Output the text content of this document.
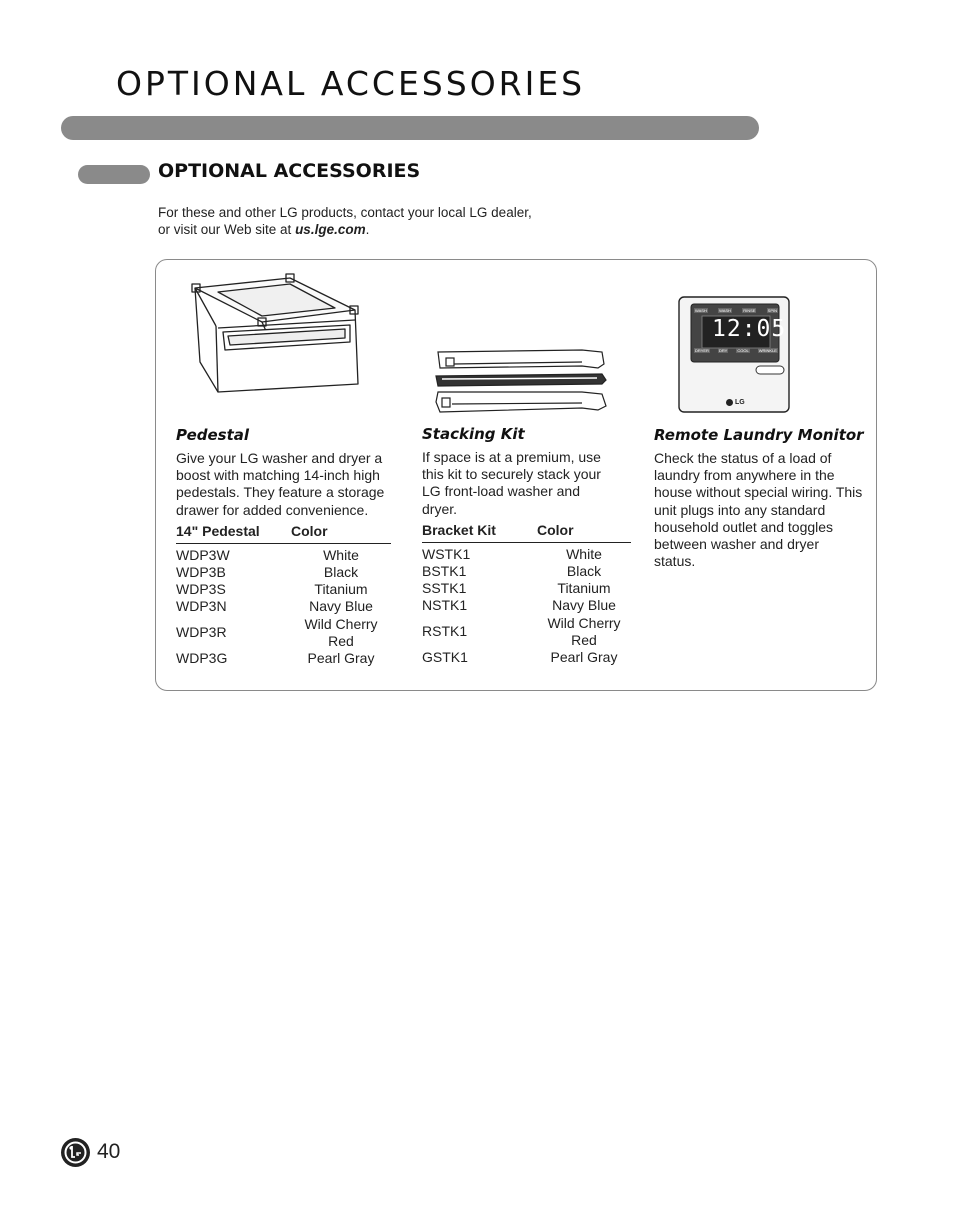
OPTIONAL ACCESSORIES
OPTIONAL ACCESSORIES

For these and other LG products, contact your local LG dealer,
or visit our Web site at us.lge.com.

WASH	WASH	RINSE	SPIN
12:05
DRYER	DRY	COOL	WRINKLE
LG
Pedestal

Give your LG washer and dryer a boost with matching 14-inch high pedestals. They feature a storage drawer for added convenience.

14" Pedestal	Color
WDP3W	White
WDP3B	Black
WDP3S	Titanium
WDP3N	Navy Blue
WDP3R	Wild Cherry Red
WDP3G	Pearl Gray
Stacking Kit

If space is at a premium, use this kit to securely stack your LG front-load washer and dryer.

Bracket Kit	Color
WSTK1	White
BSTK1	Black
SSTK1	Titanium
NSTK1	Navy Blue
RSTK1	Wild Cherry Red
GSTK1	Pearl Gray
Remote Laundry Monitor

Check the status of a load of laundry from anywhere in the house without special wiring. This unit plugs into any standard household outlet and toggles between washer and dryer status.

40
